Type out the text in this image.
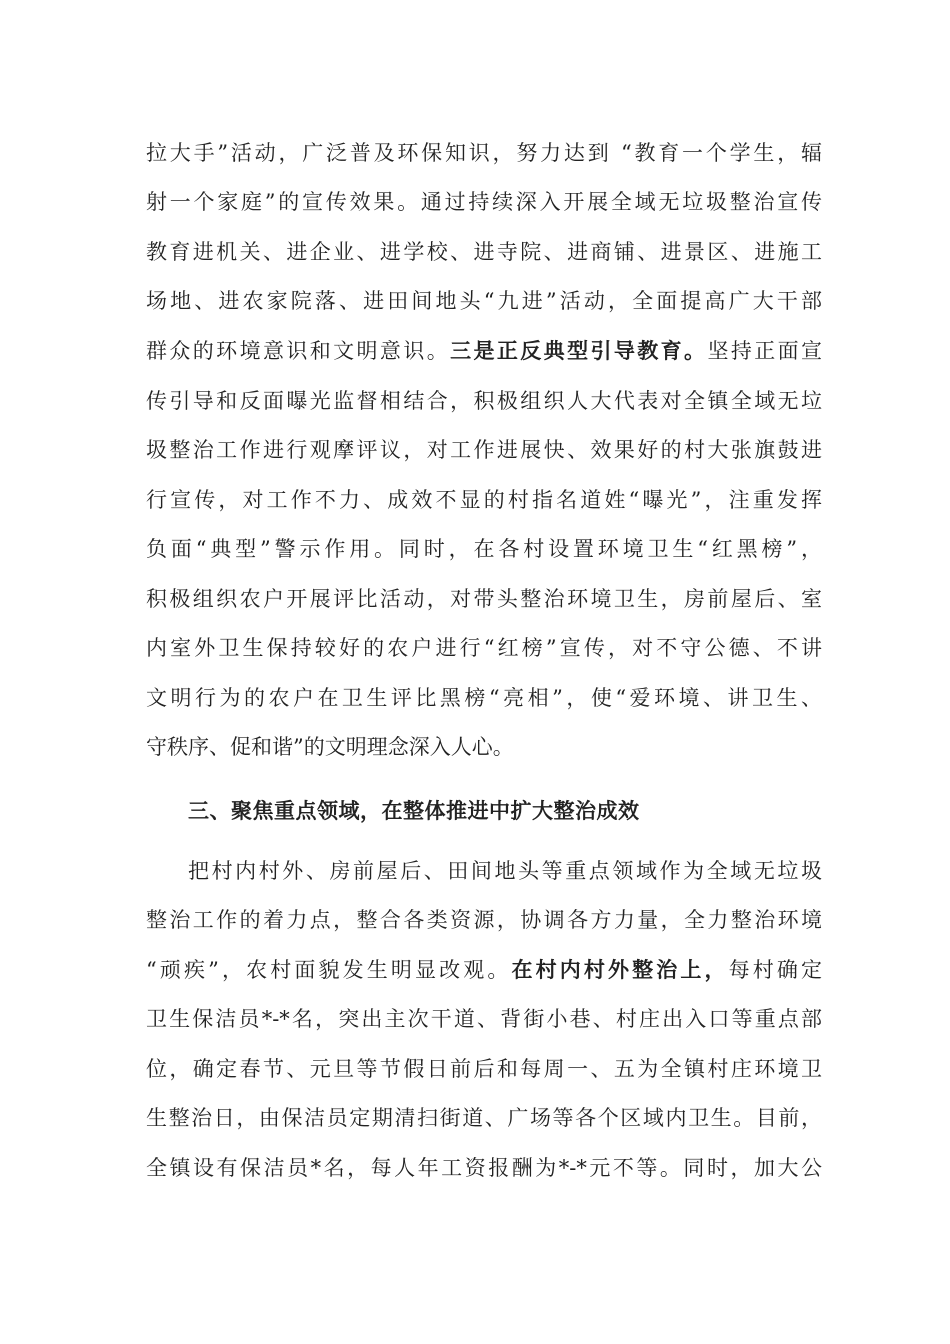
拉大手”活动，广泛普及环保知识，努力达到 “教育一个学生，辐
射一个家庭”的宣传效果。通过持续深入开展全域无垃圾整治宣传
教育进机关、进企业、进学校、进寺院、进商铺、进景区、进施工
场地、进农家院落、进田间地头“九进”活动，全面提高广大干部
群众的环境意识和文明意识。三是正反典型引导教育。坚持正面宣
传引导和反面曝光监督相结合，积极组织人大代表对全镇全域无垃
圾整治工作进行观摩评议，对工作进展快、效果好的村大张旗鼓进
行宣传，对工作不力、成效不显的村指名道姓“曝光”，注重发挥
负面“典型”警示作用。同时，在各村设置环境卫生“红黑榜”，
积极组织农户开展评比活动，对带头整治环境卫生，房前屋后、室
内室外卫生保持较好的农户进行“红榜”宣传，对不守公德、不讲
文明行为的农户在卫生评比黑榜“亮相”，使“爱环境、讲卫生、
守秩序、促和谐”的文明理念深入人心。
三、聚焦重点领域，在整体推进中扩大整治成效
把村内村外、房前屋后、田间地头等重点领域作为全域无垃圾
整治工作的着力点，整合各类资源，协调各方力量，全力整治环境
“顽疾”，农村面貌发生明显改观。在村内村外整治上，每村确定
卫生保洁员*-*名，突出主次干道、背街小巷、村庄出入口等重点部
位，确定春节、元旦等节假日前后和每周一、五为全镇村庄环境卫
生整治日，由保洁员定期清扫街道、广场等各个区域内卫生。目前，
全镇设有保洁员*名，每人年工资报酬为*-*元不等。同时，加大公
